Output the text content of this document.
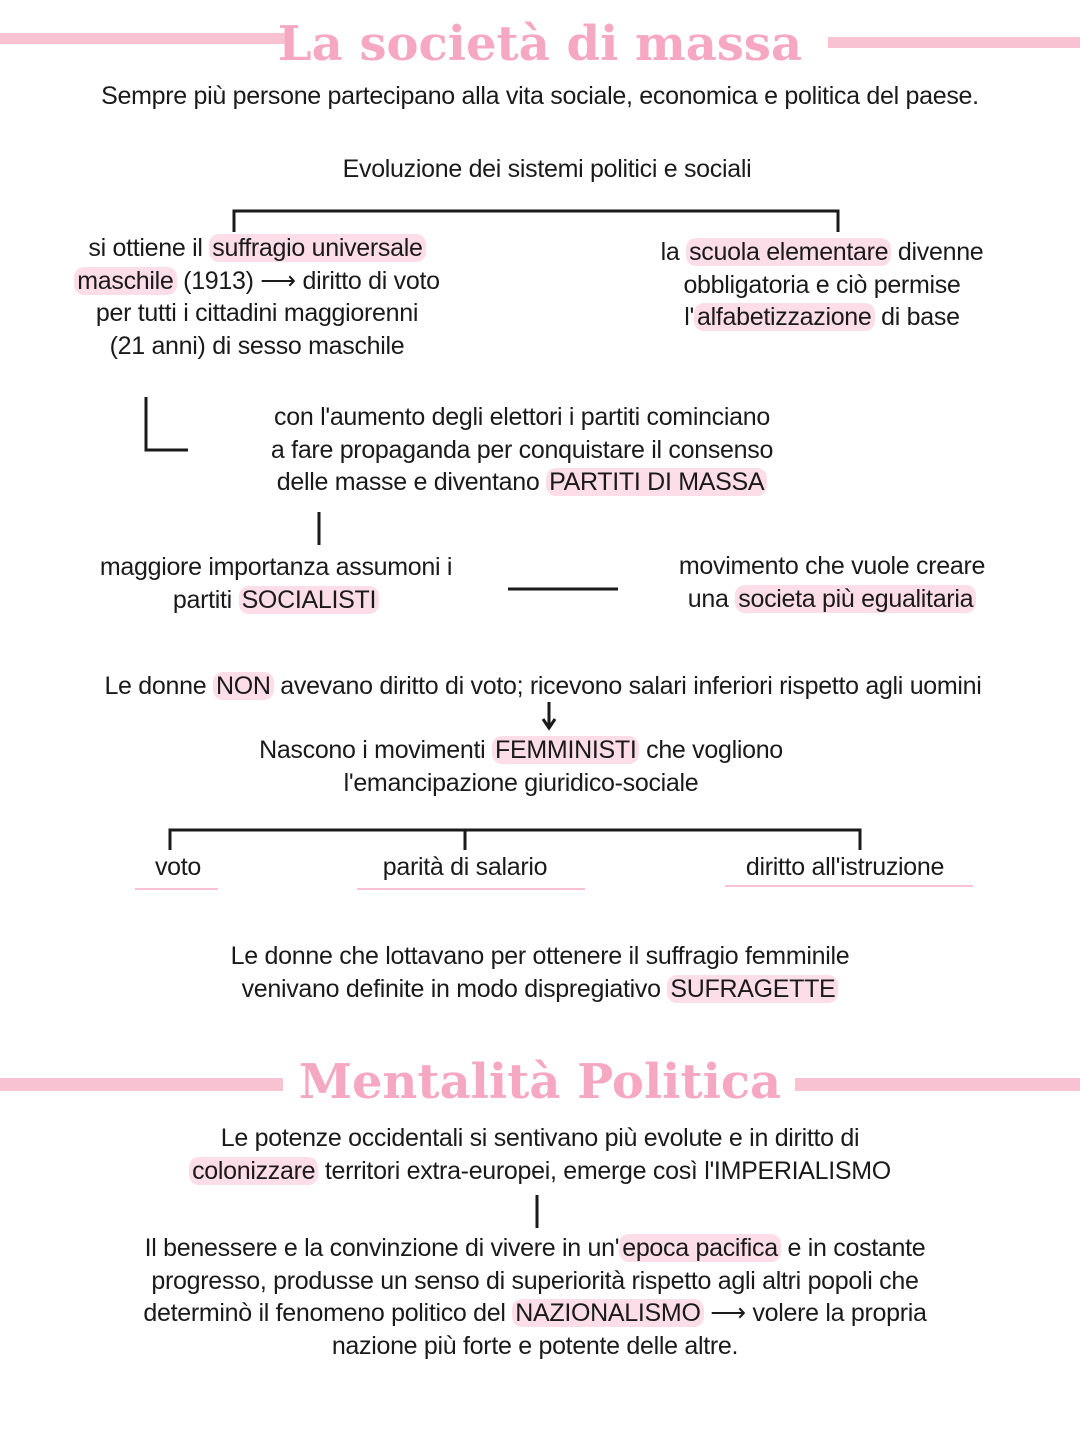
La società di massa
Mentalità Politica
Sempre più persone partecipano alla vita sociale, economica e politica del paese.
Evoluzione dei sistemi politici e sociali
si ottiene il suffragio universale
maschile (1913) ⟶ diritto di voto
per tutti i cittadini maggiorenni
(21 anni) di sesso maschile
la scuola elementare divenne
obbligatoria e ciò permise
l' alfabetizzazione di base
con l'aumento degli elettori i partiti cominciano
a fare propaganda per conquistare il consenso
delle masse e diventano PARTITI DI MASSA
maggiore importanza assumoni i
partiti SOCIALISTI
movimento che vuole creare
una societa più egualitaria
Le donne NON avevano diritto di voto; ricevono salari inferiori rispetto agli uomini
Nascono i movimenti FEMMINISTI che vogliono
l'emancipazione giuridico-sociale
voto	parità di salario	diritto all'istruzione
Le donne che lottavano per ottenere il suffragio femminile
venivano definite in modo dispregiativo SUFRAGETTE
Le potenze occidentali si sentivano più evolute e in diritto di
colonizzare territori extra-europei, emerge così l'IMPERIALISMO
Il benessere e la convinzione di vivere in un' epoca pacifica e in costante
progresso, produsse un senso di superiorità rispetto agli altri popoli che
determinò il fenomeno politico del NAZIONALISMO ⟶ volere la propria
nazione più forte e potente delle altre.
